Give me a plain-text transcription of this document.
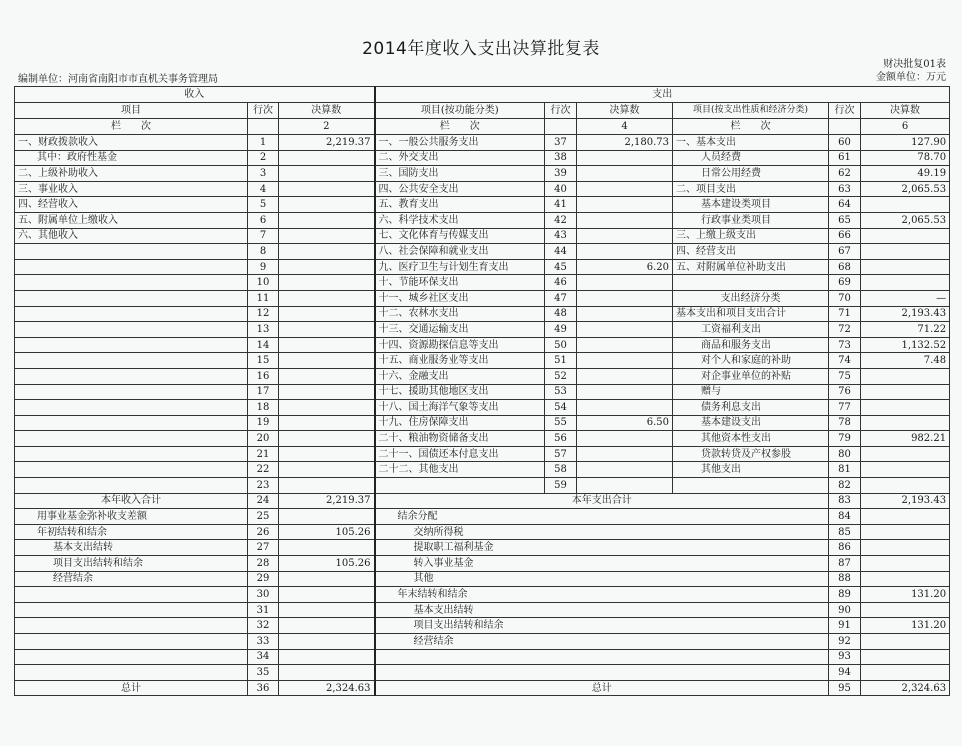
2014年度收入支出决算批复表
编制单位：河南省南阳市市直机关事务管理局
财决批复01表
金额单位：万元
收入			支出					
项目	行次	决算数	项目(按功能分类)	行次	决算数	项目(按支出性质和经济分类)	行次	决算数
栏　　次		2	栏　　次		4	栏　　次		6
一、财政拨款收入	1	2,219.37	一、一般公共服务支出	37	2,180.73	一、基本支出	60	127.90
其中：政府性基金	2		二、外交支出	38		人员经费	61	78.70
二、上级补助收入	3		三、国防支出	39		日常公用经费	62	49.19
三、事业收入	4		四、公共安全支出	40		二、项目支出	63	2,065.53
四、经营收入	5		五、教育支出	41		基本建设类项目	64	
五、附属单位上缴收入	6		六、科学技术支出	42		行政事业类项目	65	2,065.53
六、其他收入	7		七、文化体育与传媒支出	43		三、上缴上级支出	66	
	8		八、社会保障和就业支出	44		四、经营支出	67	
	9		九、医疗卫生与计划生育支出	45	6.20	五、对附属单位补助支出	68	
	10		十、节能环保支出	46			69	
	11		十一、城乡社区支出	47		支出经济分类	70	—
	12		十二、农林水支出	48		基本支出和项目支出合计	71	2,193.43
	13		十三、交通运输支出	49		工资福利支出	72	71.22
	14		十四、资源勘探信息等支出	50		商品和服务支出	73	1,132.52
	15		十五、商业服务业等支出	51		对个人和家庭的补助	74	7.48
	16		十六、金融支出	52		对企事业单位的补贴	75	
	17		十七、援助其他地区支出	53		赠与	76	
	18		十八、国土海洋气象等支出	54		债务利息支出	77	
	19		十九、住房保障支出	55	6.50	基本建设支出	78	
	20		二十、粮油物资储备支出	56		其他资本性支出	79	982.21
	21		二十一、国债还本付息支出	57		贷款转贷及产权参股	80	
	22		二十二、其他支出	58		其他支出	81	
	23			59			82	
本年收入合计	24	2,219.37	本年支出合计				83	2,193.43
用事业基金弥补收支差额	25		结余分配				84	
年初结转和结余	26	105.26	交纳所得税				85	
基本支出结转	27		提取职工福利基金				86	
项目支出结转和结余	28	105.26	转入事业基金				87	
经营结余	29		其他				88	
	30		年末结转和结余				89	131.20
	31		基本支出结转				90	
	32		项目支出结转和结余				91	131.20
	33		经营结余				92	
	34						93	
	35						94	
总计	36	2,324.63	总计				95	2,324.63
